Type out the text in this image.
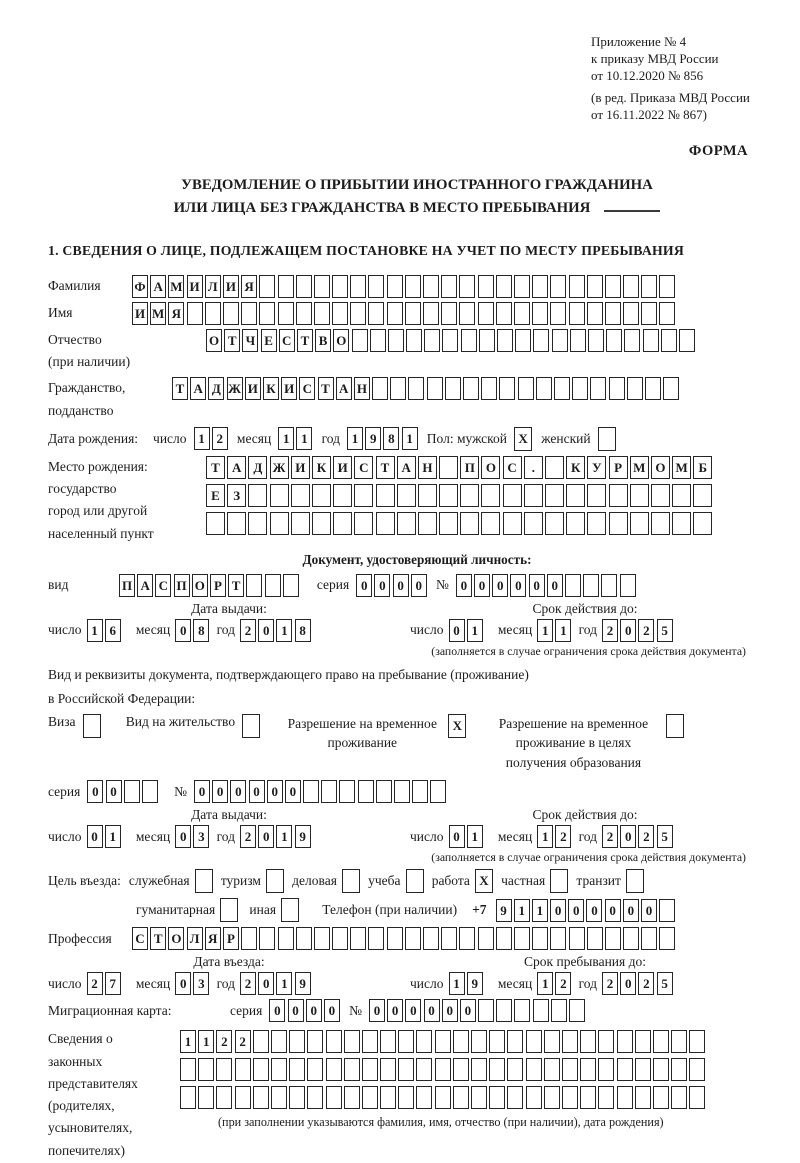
Приложение № 4
к приказу МВД России
от 10.12.2020 № 856
(в ред. Приказа МВД России
от 16.11.2022 № 867)
ФОРМА
УВЕДОМЛЕНИЕ О ПРИБЫТИИ ИНОСТРАННОГО ГРАЖДАНИНА
ИЛИ ЛИЦА БЕЗ ГРАЖДАНСТВА В МЕСТО ПРЕБЫВАНИЯ
1. СВЕДЕНИЯ О ЛИЦЕ, ПОДЛЕЖАЩЕМ ПОСТАНОВКЕ НА УЧЕТ ПО МЕСТУ ПРЕБЫВАНИЯ
Фамилия	Ф А М И Л И Я
Имя	И М Я
Отчество
(при наличии)
О Т Ч Е С Т В О
Гражданство,
подданство
Т А Д Ж И К И С Т А Н
Дата рождения: число 1 2	месяц 1 1	год 1 9 8 1	Пол: мужской X	женский
Место рождения:
государство
город или другой
населенный пункт
Т А Д Ж И К И С Т А Н П О С .	К У Р М О М Б
Е З
Документ, удостоверяющий личность:
вид	П А С П О Р Т	серия 0 0 0 0	№ 0 0 0 0 0 0
Дата выдачи:
число 1 6	месяц 0 8 год 2 0 1 8
Срок действия до:
число 0 1	месяц 1 1 год 2 0 2 5
(заполняется в случае ограничения срока действия документа)
Вид и реквизиты документа, подтверждающего право на пребывание (проживание)
в Российской Федерации:
Виза	Вид на жительство	Разрешение на временное проживание
X	Разрешение на временное проживание в целях получения образования
серия 0 0	№ 0 0 0 0 0 0
Дата выдачи:
число 0 1	месяц 0 3 год 2 0 1 9
Срок действия до:
число 0 1	месяц 1 2 год 2 0 2 5
(заполняется в случае ограничения срока действия документа)
Цель въезда: служебная туризм деловая учеба работа X частная транзит
гуманитарная	иная	Телефон (при наличии) +7	9 1 1 0 0 0 0 0 0
Профессия	С Т О Л Я Р
Дата въезда:
число 2 7	месяц 0 3 год 2 0 1 9
Срок пребывания до:
число 1 9	месяц 1 2 год 2 0 2 5
Миграционная карта:	серия 0 0 0 0	№ 0 0 0 0 0 0
Сведения о
законных
представителях
(родителях,
усыновителях,
попечителях)
1 1 2 2
(при заполнении указываются фамилия, имя, отчество (при наличии), дата рождения)
